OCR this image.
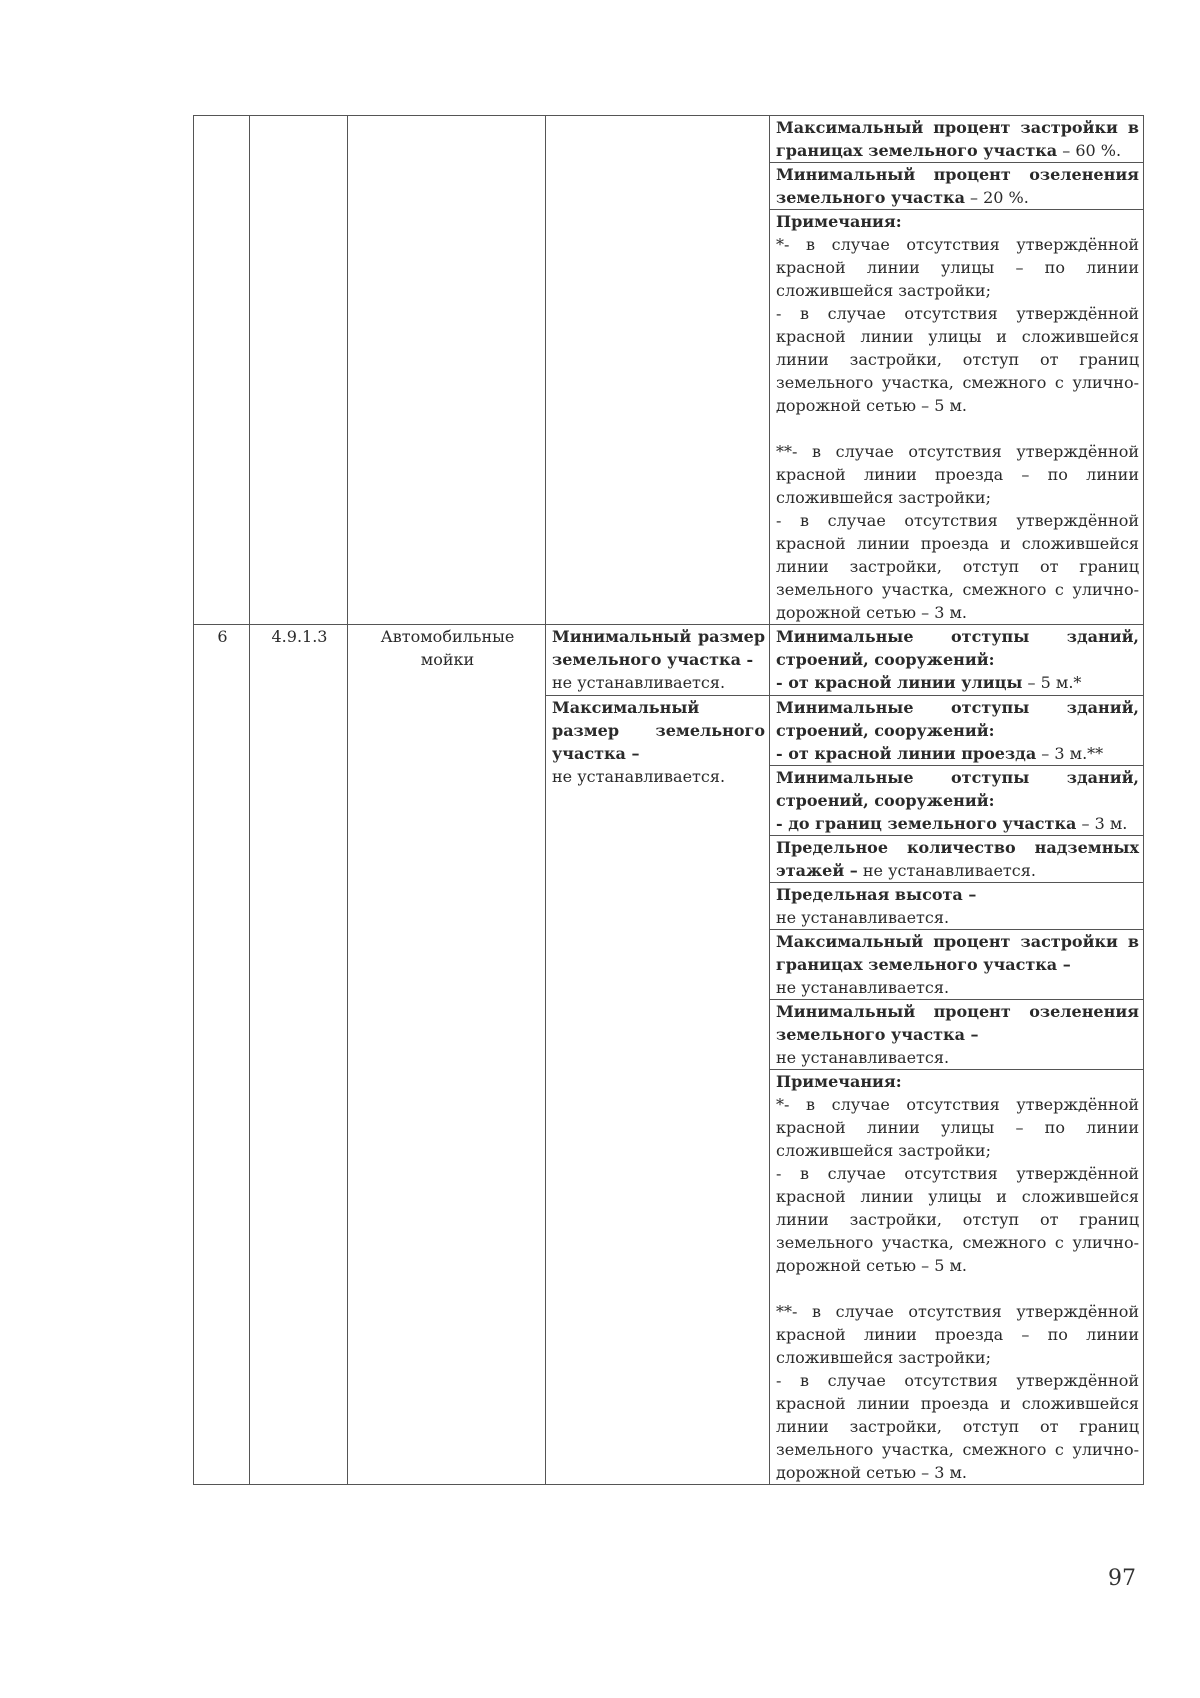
				Максимальный процент застройки в границах земельного участка – 60 %.
				Минимальный процент озеленения земельного участка – 20 %.

				Примечания:
*- в случае отсутствия утверждённой красной линии улицы – по линии сложившейся застройки;
- в случае отсутствия утверждённой красной линии улицы и сложившейся линии застройки, отступ от границ земельного участка, смежного с улично-дорожной сетью – 5 м.
**- в случае отсутствия утверждённой красной линии проезда – по линии сложившейся застройки;
- в случае отсутствия утверждённой красной линии проезда и сложившейся линии застройки, отступ от границ земельного участка, смежного с улично-дорожной сетью – 3 м.

6	4.9.1.3	Автомобильные мойки	Минимальный размер земельного участка -
не устанавливается.	Минимальные отступы зданий, строений, сооружений:
- от красной линии улицы – 5 м.*
			Максимальный размер земельного участка –
не устанавливается.	Минимальные отступы зданий, строений, сооружений:
- от красной линии проезда – 3 м.**
				Минимальные отступы зданий, строений, сооружений:
- до границ земельного участка – 3 м.
				Предельное количество надземных этажей – не устанавливается.
				Предельная высота –
не устанавливается.
				Максимальный процент застройки в границах земельного участка –
не устанавливается.
				Минимальный процент озеленения земельного участка –
не устанавливается.

				Примечания:
*- в случае отсутствия утверждённой красной линии улицы – по линии сложившейся застройки;
- в случае отсутствия утверждённой красной линии улицы и сложившейся линии застройки, отступ от границ земельного участка, смежного с улично-дорожной сетью – 5 м.
**- в случае отсутствия утверждённой красной линии проезда – по линии сложившейся застройки;
- в случае отсутствия утверждённой красной линии проезда и сложившейся линии застройки, отступ от границ земельного участка, смежного с улично-дорожной сетью – 3 м.
97
